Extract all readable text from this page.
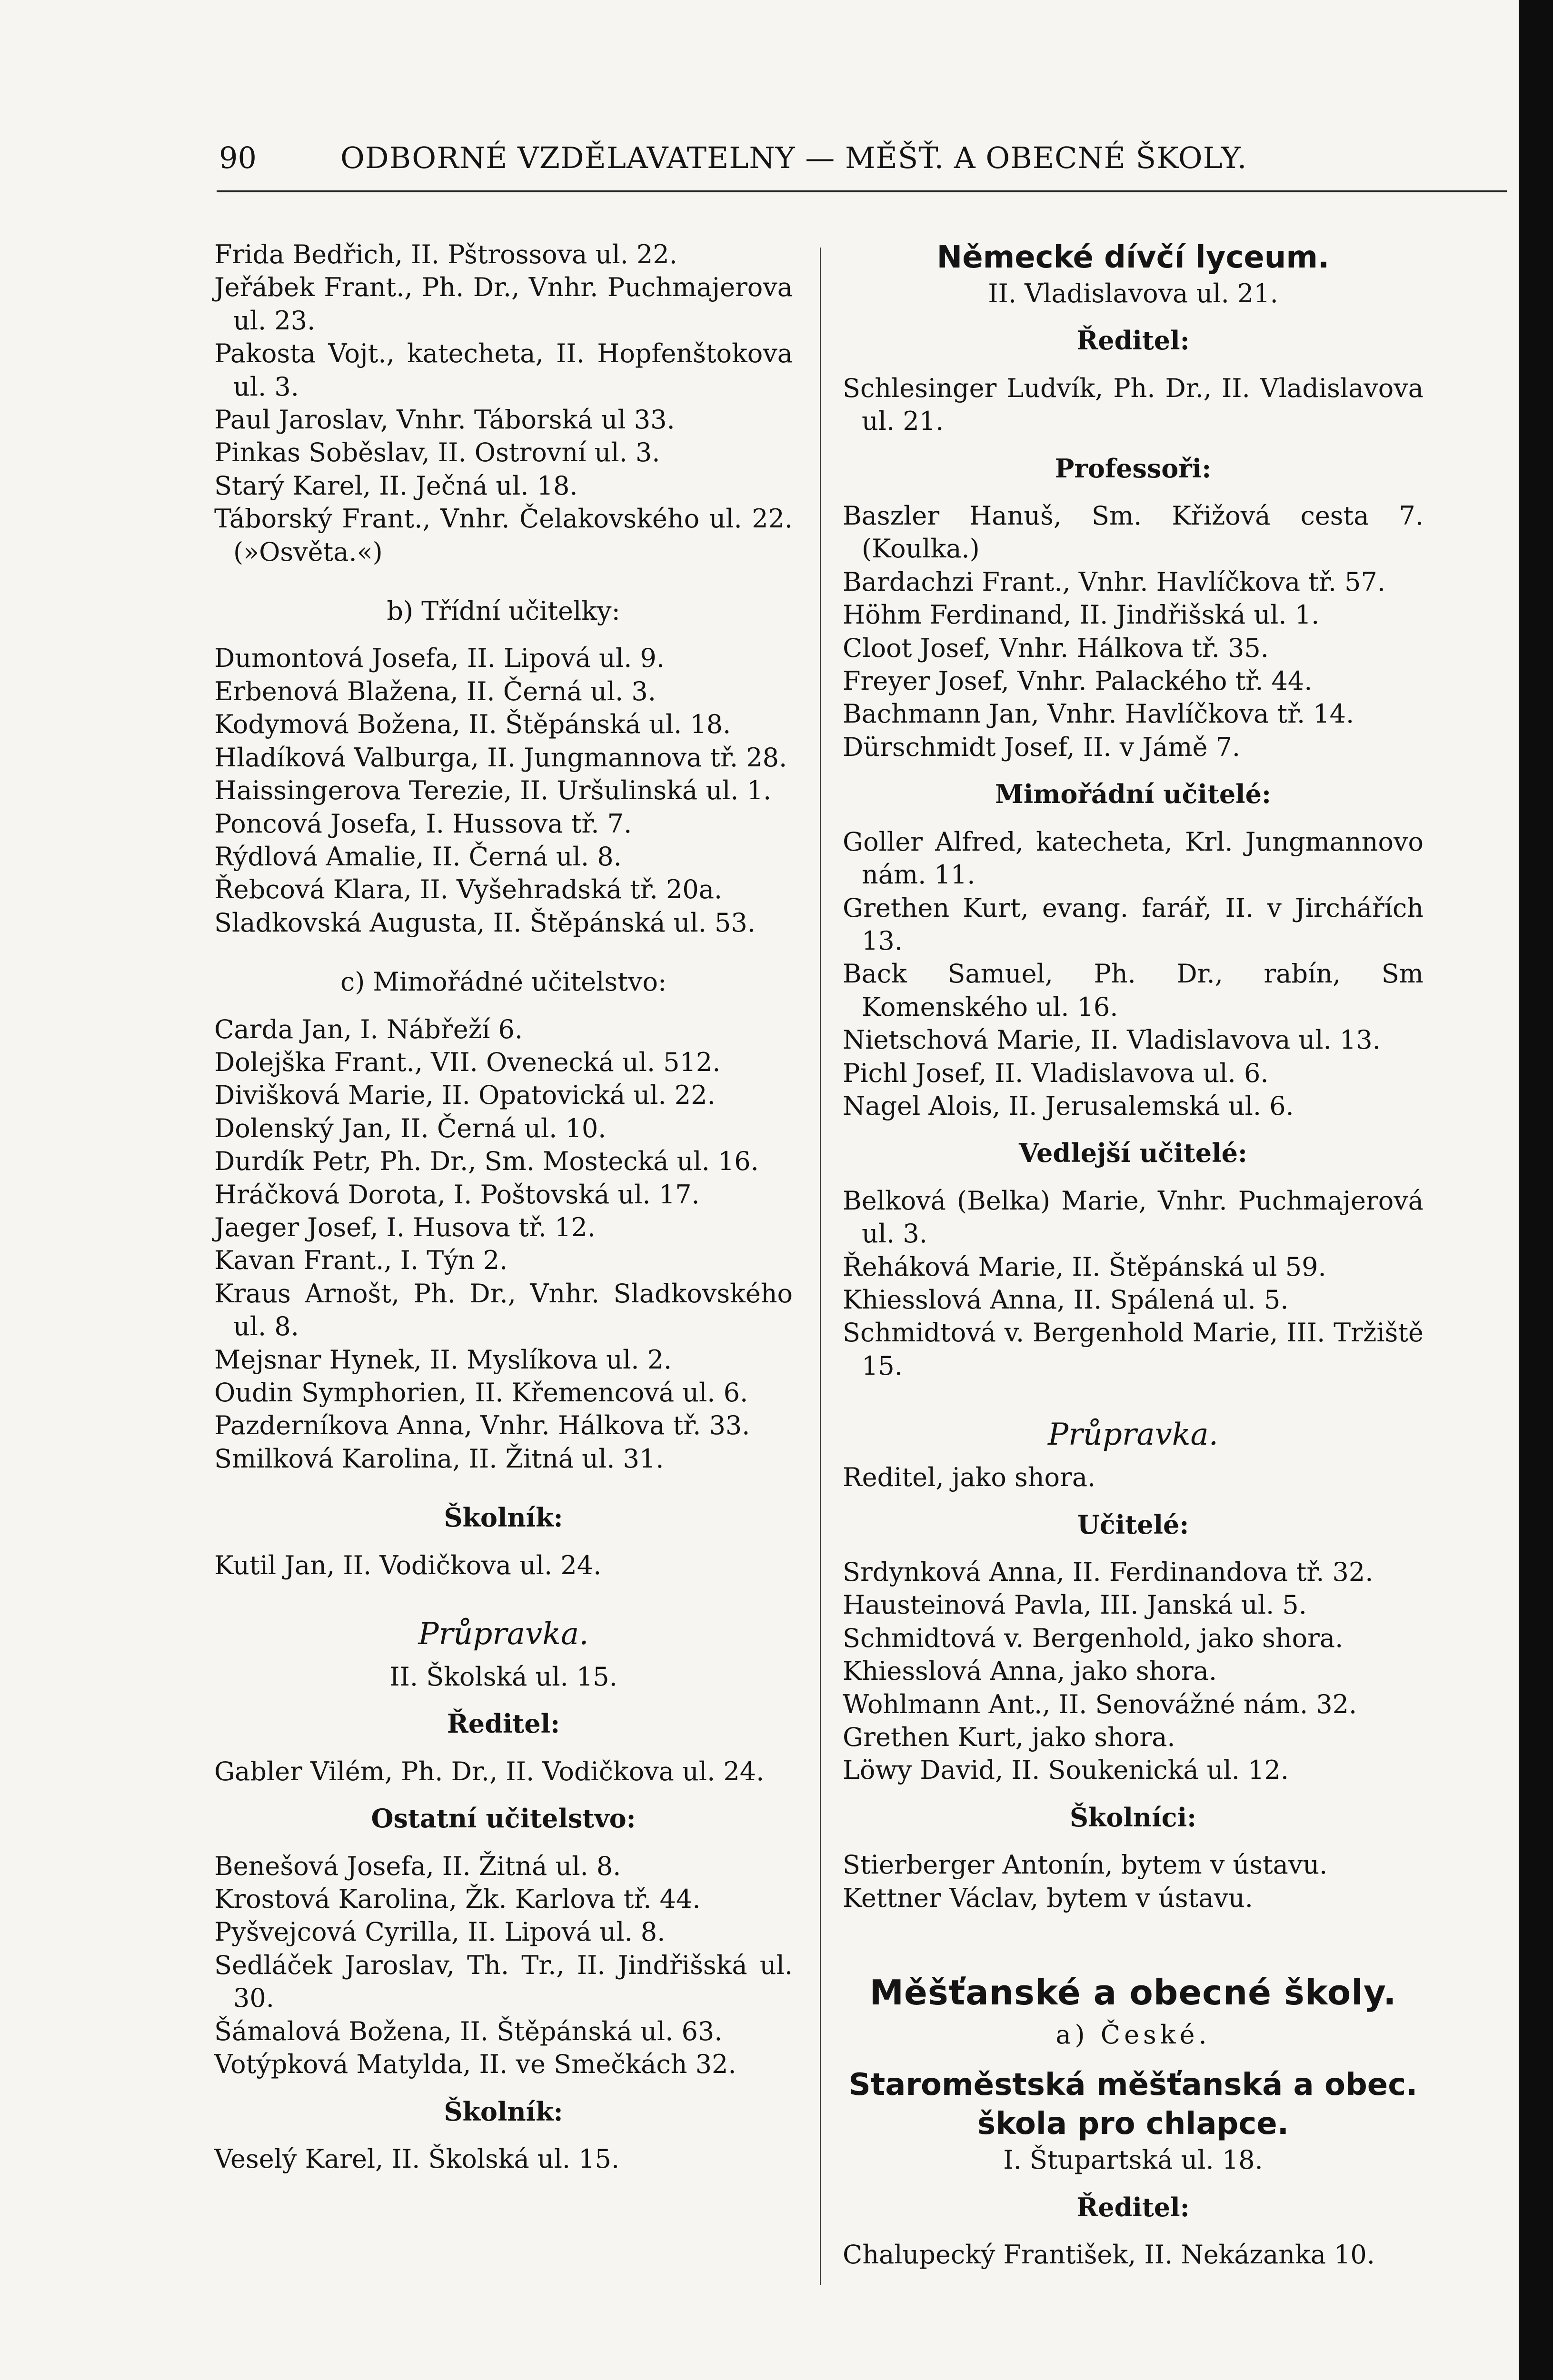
90	ODBORNÉ VZDĚLAVATELNY — MĚŠŤ. A OBECNÉ ŠKOLY.
Frida Bedřich, II. Pštrossova ul. 22.
Jeřábek Frant., Ph. Dr., Vnhr. Puchmajerova ul. 23.
Pakosta Vojt., katecheta, II. Hopfenštokova ul. 3.
Paul Jaroslav, Vnhr. Táborská ul 33.
Pinkas Soběslav, II. Ostrovní ul. 3.
Starý Karel, II. Ječná ul. 18.
Táborský Frant., Vnhr. Čelakovského ul. 22. (»Osvěta.«)
b) Třídní učitelky:
Dumontová Josefa, II. Lipová ul. 9.
Erbenová Blažena, II. Černá ul. 3.
Kodymová Božena, II. Štěpánská ul. 18.
Hladíková Valburga, II. Jungmannova tř. 28.
Haissingerova Terezie, II. Uršulinská ul. 1.
Poncová Josefa, I. Hussova tř. 7.
Rýdlová Amalie, II. Černá ul. 8.
Řebcová Klara, II. Vyšehradská tř. 20a.
Sladkovská Augusta, II. Štěpánská ul. 53.
c) Mimořádné učitelstvo:
Carda Jan, I. Nábřeží 6.
Dolejška Frant., VII. Ovenecká ul. 512.
Divišková Marie, II. Opatovická ul. 22.
Dolenský Jan, II. Černá ul. 10.
Durdík Petr, Ph. Dr., Sm. Mostecká ul. 16.
Hráčková Dorota, I. Poštovská ul. 17.
Jaeger Josef, I. Husova tř. 12.
Kavan Frant., I. Týn 2.
Kraus Arnošt, Ph. Dr., Vnhr. Sladkovského ul. 8.
Mejsnar Hynek, II. Myslíkova ul. 2.
Oudin Symphorien, II. Křemencová ul. 6.
Pazderníkova Anna, Vnhr. Hálkova tř. 33.
Smilková Karolina, II. Žitná ul. 31.
Školník:
Kutil Jan, II. Vodičkova ul. 24.
Průpravka.
II. Školská ul. 15.
Ředitel:
Gabler Vilém, Ph. Dr., II. Vodičkova ul. 24.
Ostatní učitelstvo:
Benešová Josefa, II. Žitná ul. 8.
Krostová Karolina, Žk. Karlova tř. 44.
Pyšvejcová Cyrilla, II. Lipová ul. 8.
Sedláček Jaroslav, Th. Tr., II. Jindřišská ul. 30.
Šámalová Božena, II. Štěpánská ul. 63.
Votýpková Matylda, II. ve Smečkách 32.
Školník:
Veselý Karel, II. Školská ul. 15.
Německé dívčí lyceum.
II. Vladislavova ul. 21.
Ředitel:
Schlesinger Ludvík, Ph. Dr., II. Vladislavova ul. 21.
Professoři:
Baszler Hanuš, Sm. Křižová cesta 7. (Koulka.)
Bardachzi Frant., Vnhr. Havlíčkova tř. 57.
Höhm Ferdinand, II. Jindřišská ul. 1.
Cloot Josef, Vnhr. Hálkova tř. 35.
Freyer Josef, Vnhr. Palackého tř. 44.
Bachmann Jan, Vnhr. Havlíčkova tř. 14.
Dürschmidt Josef, II. v Jámě 7.
Mimořádní učitelé:
Goller Alfred, katecheta, Krl. Jungmannovo nám. 11.
Grethen Kurt, evang. farář, II. v Jirchářích 13.
Back Samuel, Ph. Dr., rabín, Sm Komenského ul. 16.
Nietschová Marie, II. Vladislavova ul. 13.
Pichl Josef, II. Vladislavova ul. 6.
Nagel Alois, II. Jerusalemská ul. 6.
Vedlejší učitelé:
Belková (Belka) Marie, Vnhr. Puchmajerová ul. 3.
Řeháková Marie, II. Štěpánská ul 59.
Khiesslová Anna, II. Spálená ul. 5.
Schmidtová v. Bergenhold Marie, III. Tržiště 15.
Průpravka.
Reditel, jako shora.
Učitelé:
Srdynková Anna, II. Ferdinandova tř. 32.
Hausteinová Pavla, III. Janská ul. 5.
Schmidtová v. Bergenhold, jako shora.
Khiesslová Anna, jako shora.
Wohlmann Ant., II. Senovážné nám. 32.
Grethen Kurt, jako shora.
Löwy David, II. Soukenická ul. 12.
Školníci:
Stierberger Antonín, bytem v ústavu.
Kettner Václav, bytem v ústavu.
Měšťanské a obecné školy.
a) České.
Staroměstská měšťanská a obec.
škola pro chlapce.
I. Štupartská ul. 18.
Ředitel:
Chalupecký František, II. Nekázanka 10.
